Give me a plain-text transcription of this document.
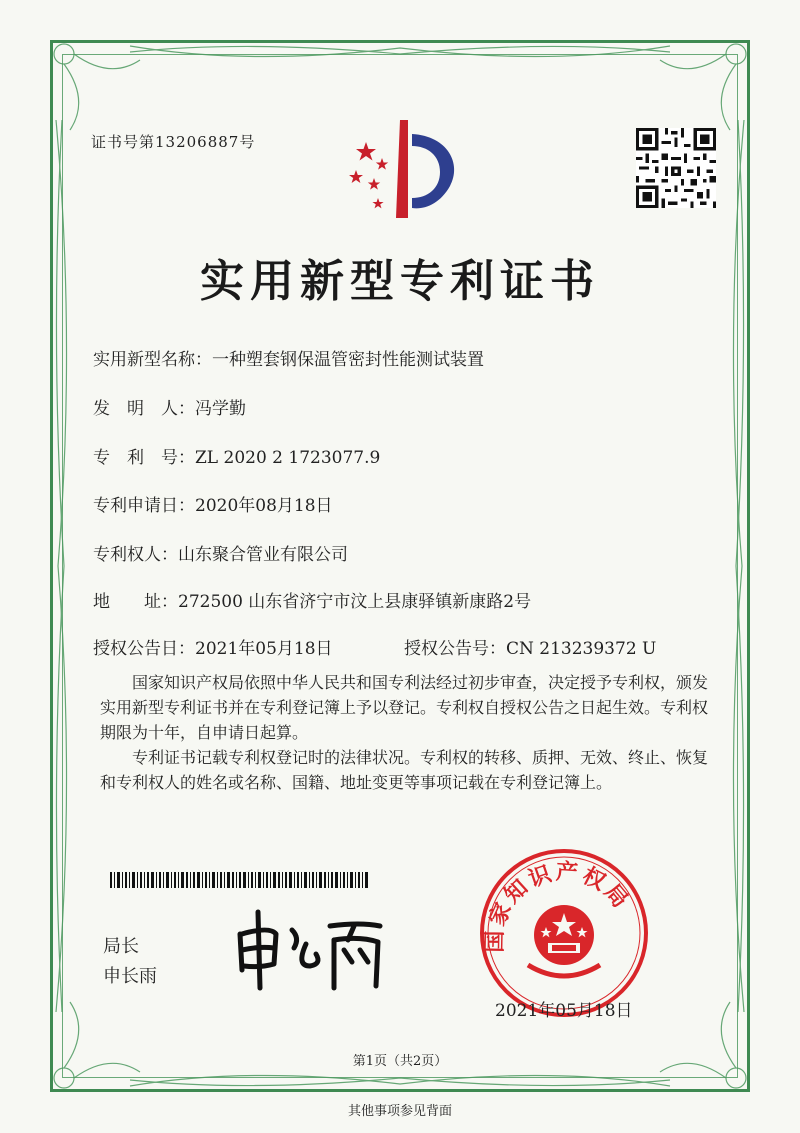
证书号第13206887号
实用新型专利证书
实用新型名称：一种塑套钢保温管密封性能测试装置
发　明　人：冯学勤
专　利　号：ZL 2020 2 1723077.9
专利申请日：2020年08月18日
专利权人：山东聚合管业有限公司
地　　址：272500 山东省济宁市汶上县康驿镇新康路2号
授权公告日：2021年05月18日	授权公告号：CN 213239372 U
国家知识产权局依照中华人民共和国专利法经过初步审查，决定授予专利权，颁发实用新型专利证书并在专利登记簿上予以登记。专利权自授权公告之日起生效。专利权期限为十年，自申请日起算。
专利证书记载专利权登记时的法律状况。专利权的转移、质押、无效、终止、恢复和专利权人的姓名或名称、国籍、地址变更等事项记载在专利登记簿上。
局长
申长雨
国家知识产权局
2021年05月18日
第1页（共2页）
其他事项参见背面
